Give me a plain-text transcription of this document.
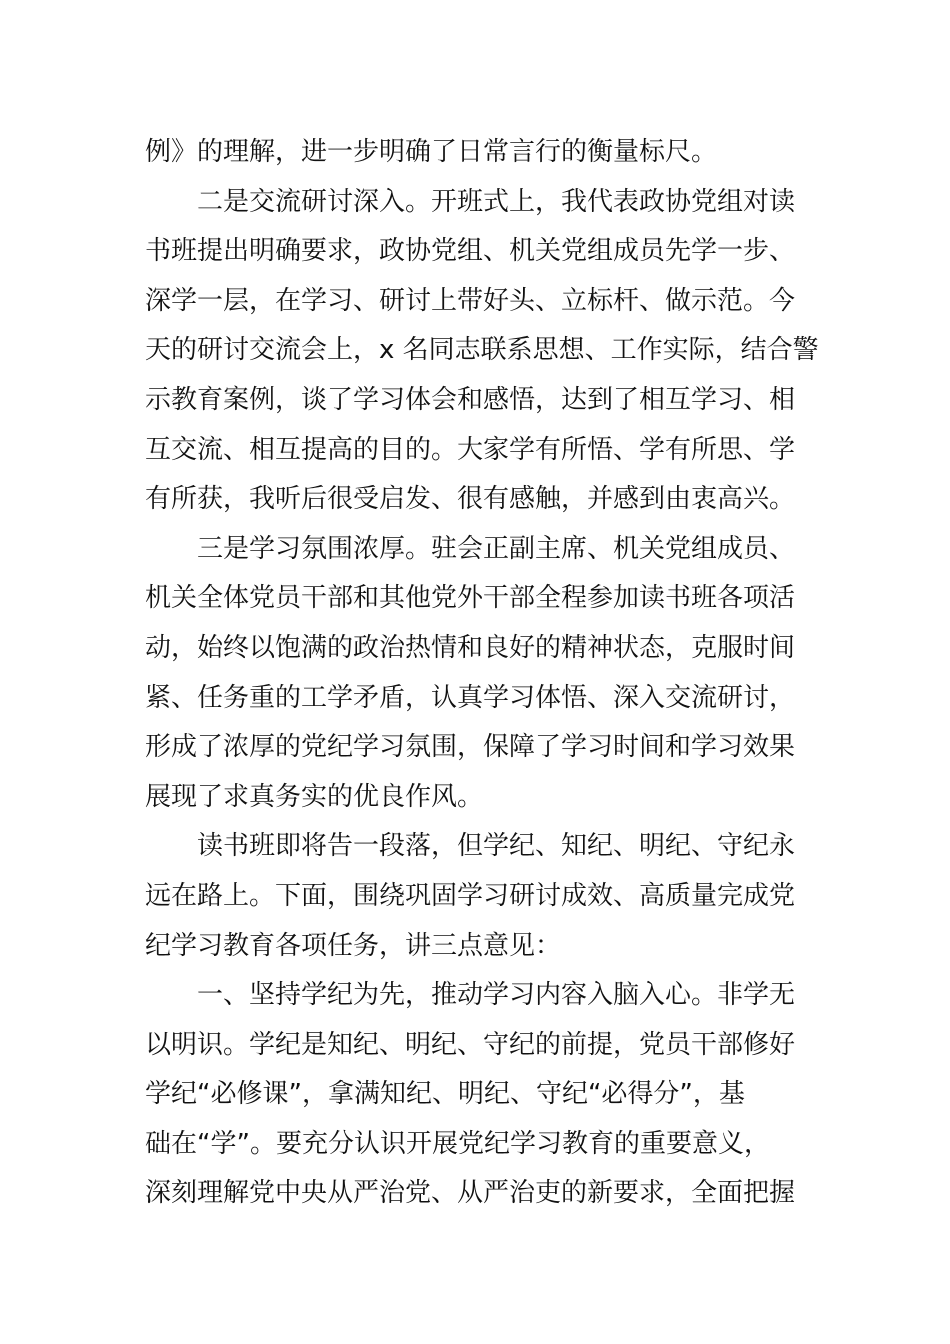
例》的理解，进一步明确了日常言行的衡量标尺。
二是交流研讨深入。开班式上，我代表政协党组对读
书班提出明确要求，政协党组、机关党组成员先学一步、
深学一层，在学习、研讨上带好头、立标杆、做示范。今
天的研讨交流会上，x 名同志联系思想、工作实际，结合警
示教育案例，谈了学习体会和感悟，达到了相互学习、相
互交流、相互提高的目的。大家学有所悟、学有所思、学
有所获，我听后很受启发、很有感触，并感到由衷高兴。
三是学习氛围浓厚。驻会正副主席、机关党组成员、
机关全体党员干部和其他党外干部全程参加读书班各项活
动，始终以饱满的政治热情和良好的精神状态，克服时间
紧、任务重的工学矛盾，认真学习体悟、深入交流研讨，
形成了浓厚的党纪学习氛围，保障了学习时间和学习效果
展现了求真务实的优良作风。
读书班即将告一段落，但学纪、知纪、明纪、守纪永
远在路上。下面，围绕巩固学习研讨成效、高质量完成党
纪学习教育各项任务，讲三点意见：
一、坚持学纪为先，推动学习内容入脑入心。非学无
以明识。学纪是知纪、明纪、守纪的前提，党员干部修好
学纪“必修课”，拿满知纪、明纪、守纪“必得分”，基
础在“学”。要充分认识开展党纪学习教育的重要意义，
深刻理解党中央从严治党、从严治吏的新要求，全面把握
